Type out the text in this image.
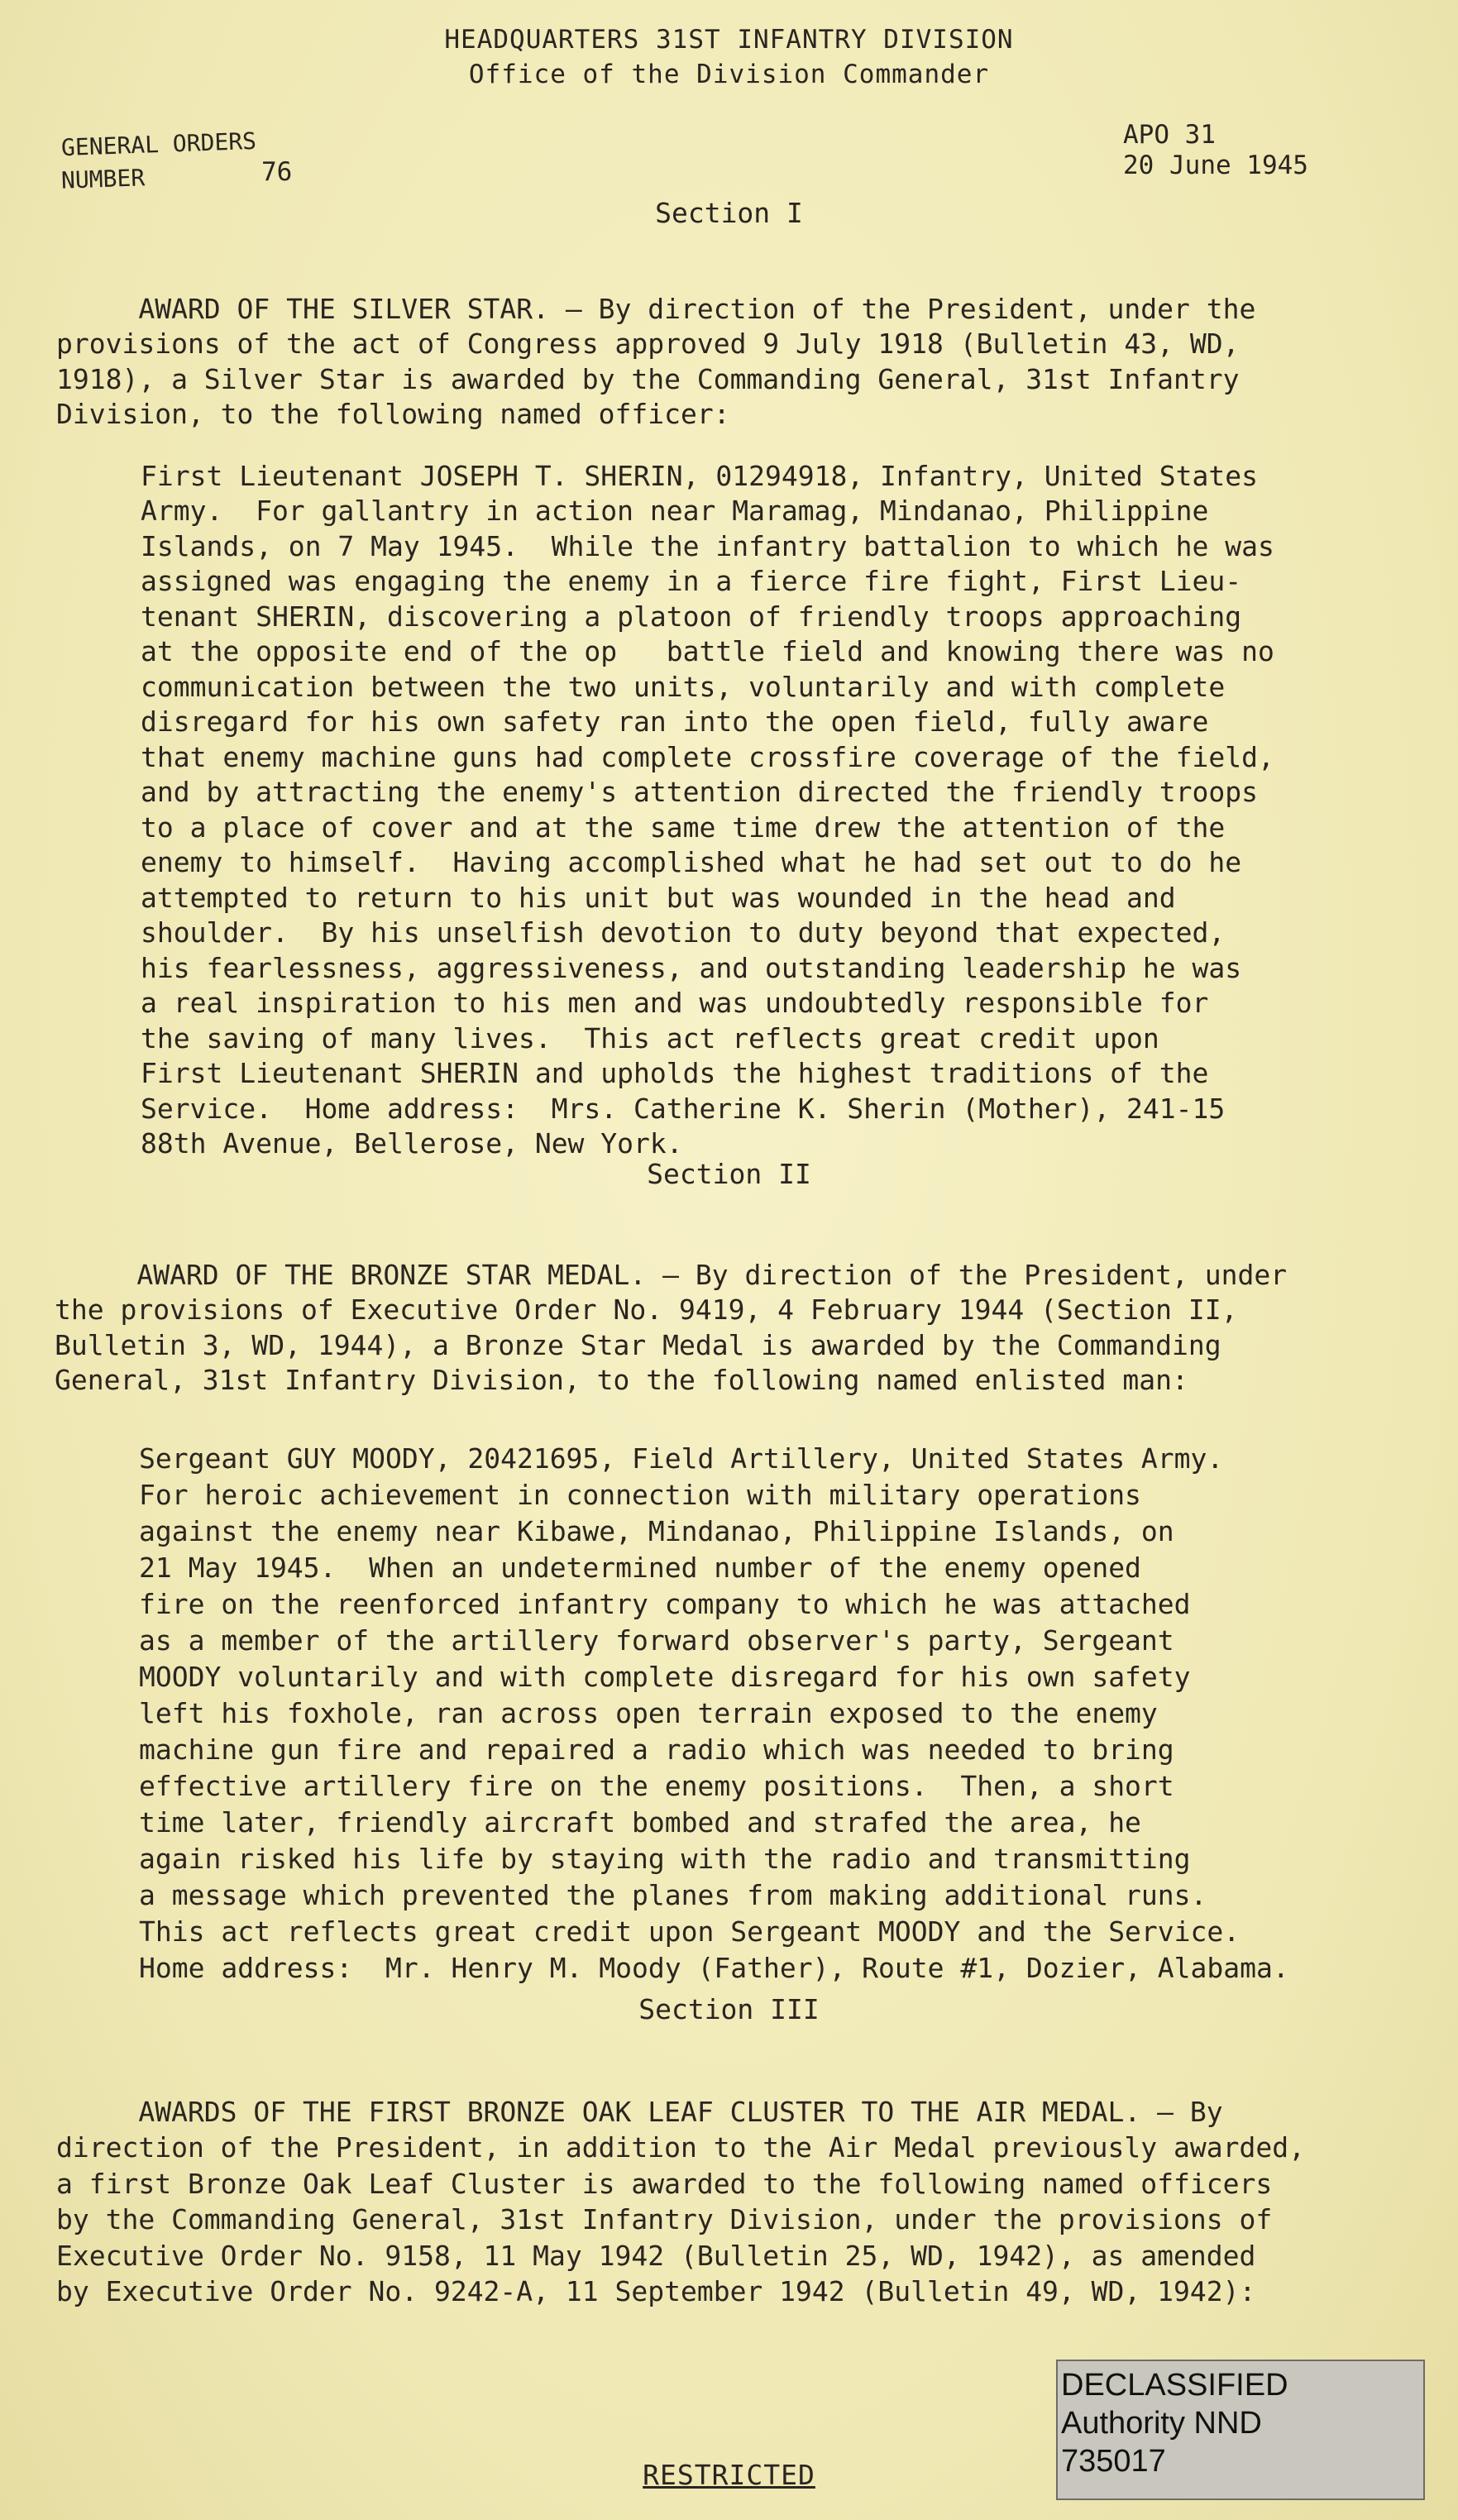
HEADQUARTERS 31ST INFANTRY DIVISION
Office of the Division Commander
GENERAL ORDERS
NUMBER	76
APO 31
20 June 1945
Section I

AWARD OF THE SILVER STAR. — By direction of the President, under the
provisions of the act of Congress approved 9 July 1918 (Bulletin 43, WD,
1918), a Silver Star is awarded by the Commanding General, 31st Infantry
Division, to the following named officer:

First Lieutenant JOSEPH T. SHERIN, 01294918, Infantry, United States
Army.  For gallantry in action near Maramag, Mindanao, Philippine
Islands, on 7 May 1945.  While the infantry battalion to which he was
assigned was engaging the enemy in a fierce fire fight, First Lieu-
tenant SHERIN, discovering a platoon of friendly troops approaching
at the opposite end of the op   battle field and knowing there was no
communication between the two units, voluntarily and with complete
disregard for his own safety ran into the open field, fully aware
that enemy machine guns had complete crossfire coverage of the field,
and by attracting the enemy's attention directed the friendly troops
to a place of cover and at the same time drew the attention of the
enemy to himself.  Having accomplished what he had set out to do he
attempted to return to his unit but was wounded in the head and
shoulder.  By his unselfish devotion to duty beyond that expected,
his fearlessness, aggressiveness, and outstanding leadership he was
a real inspiration to his men and was undoubtedly responsible for
the saving of many lives.  This act reflects great credit upon
First Lieutenant SHERIN and upholds the highest traditions of the
Service.  Home address:  Mrs. Catherine K. Sherin (Mother), 241-15
88th Avenue, Bellerose, New York.
Section II

AWARD OF THE BRONZE STAR MEDAL. — By direction of the President, under
the provisions of Executive Order No. 9419, 4 February 1944 (Section II,
Bulletin 3, WD, 1944), a Bronze Star Medal is awarded by the Commanding
General, 31st Infantry Division, to the following named enlisted man:

Sergeant GUY MOODY, 20421695, Field Artillery, United States Army.
For heroic achievement in connection with military operations
against the enemy near Kibawe, Mindanao, Philippine Islands, on
21 May 1945.  When an undetermined number of the enemy opened
fire on the reenforced infantry company to which he was attached
as a member of the artillery forward observer's party, Sergeant
MOODY voluntarily and with complete disregard for his own safety
left his foxhole, ran across open terrain exposed to the enemy
machine gun fire and repaired a radio which was needed to bring
effective artillery fire on the enemy positions.  Then, a short
time later, friendly aircraft bombed and strafed the area, he
again risked his life by staying with the radio and transmitting
a message which prevented the planes from making additional runs.
This act reflects great credit upon Sergeant MOODY and the Service.
Home address:  Mr. Henry M. Moody (Father), Route #1, Dozier, Alabama.
Section III

AWARDS OF THE FIRST BRONZE OAK LEAF CLUSTER TO THE AIR MEDAL. — By
direction of the President, in addition to the Air Medal previously awarded,
a first Bronze Oak Leaf Cluster is awarded to the following named officers
by the Commanding General, 31st Infantry Division, under the provisions of
Executive Order No. 9158, 11 May 1942 (Bulletin 25, WD, 1942), as amended
by Executive Order No. 9242-A, 11 September 1942 (Bulletin 49, WD, 1942):
DECLASSIFIED
Authority NND
735017
RESTRICTED
